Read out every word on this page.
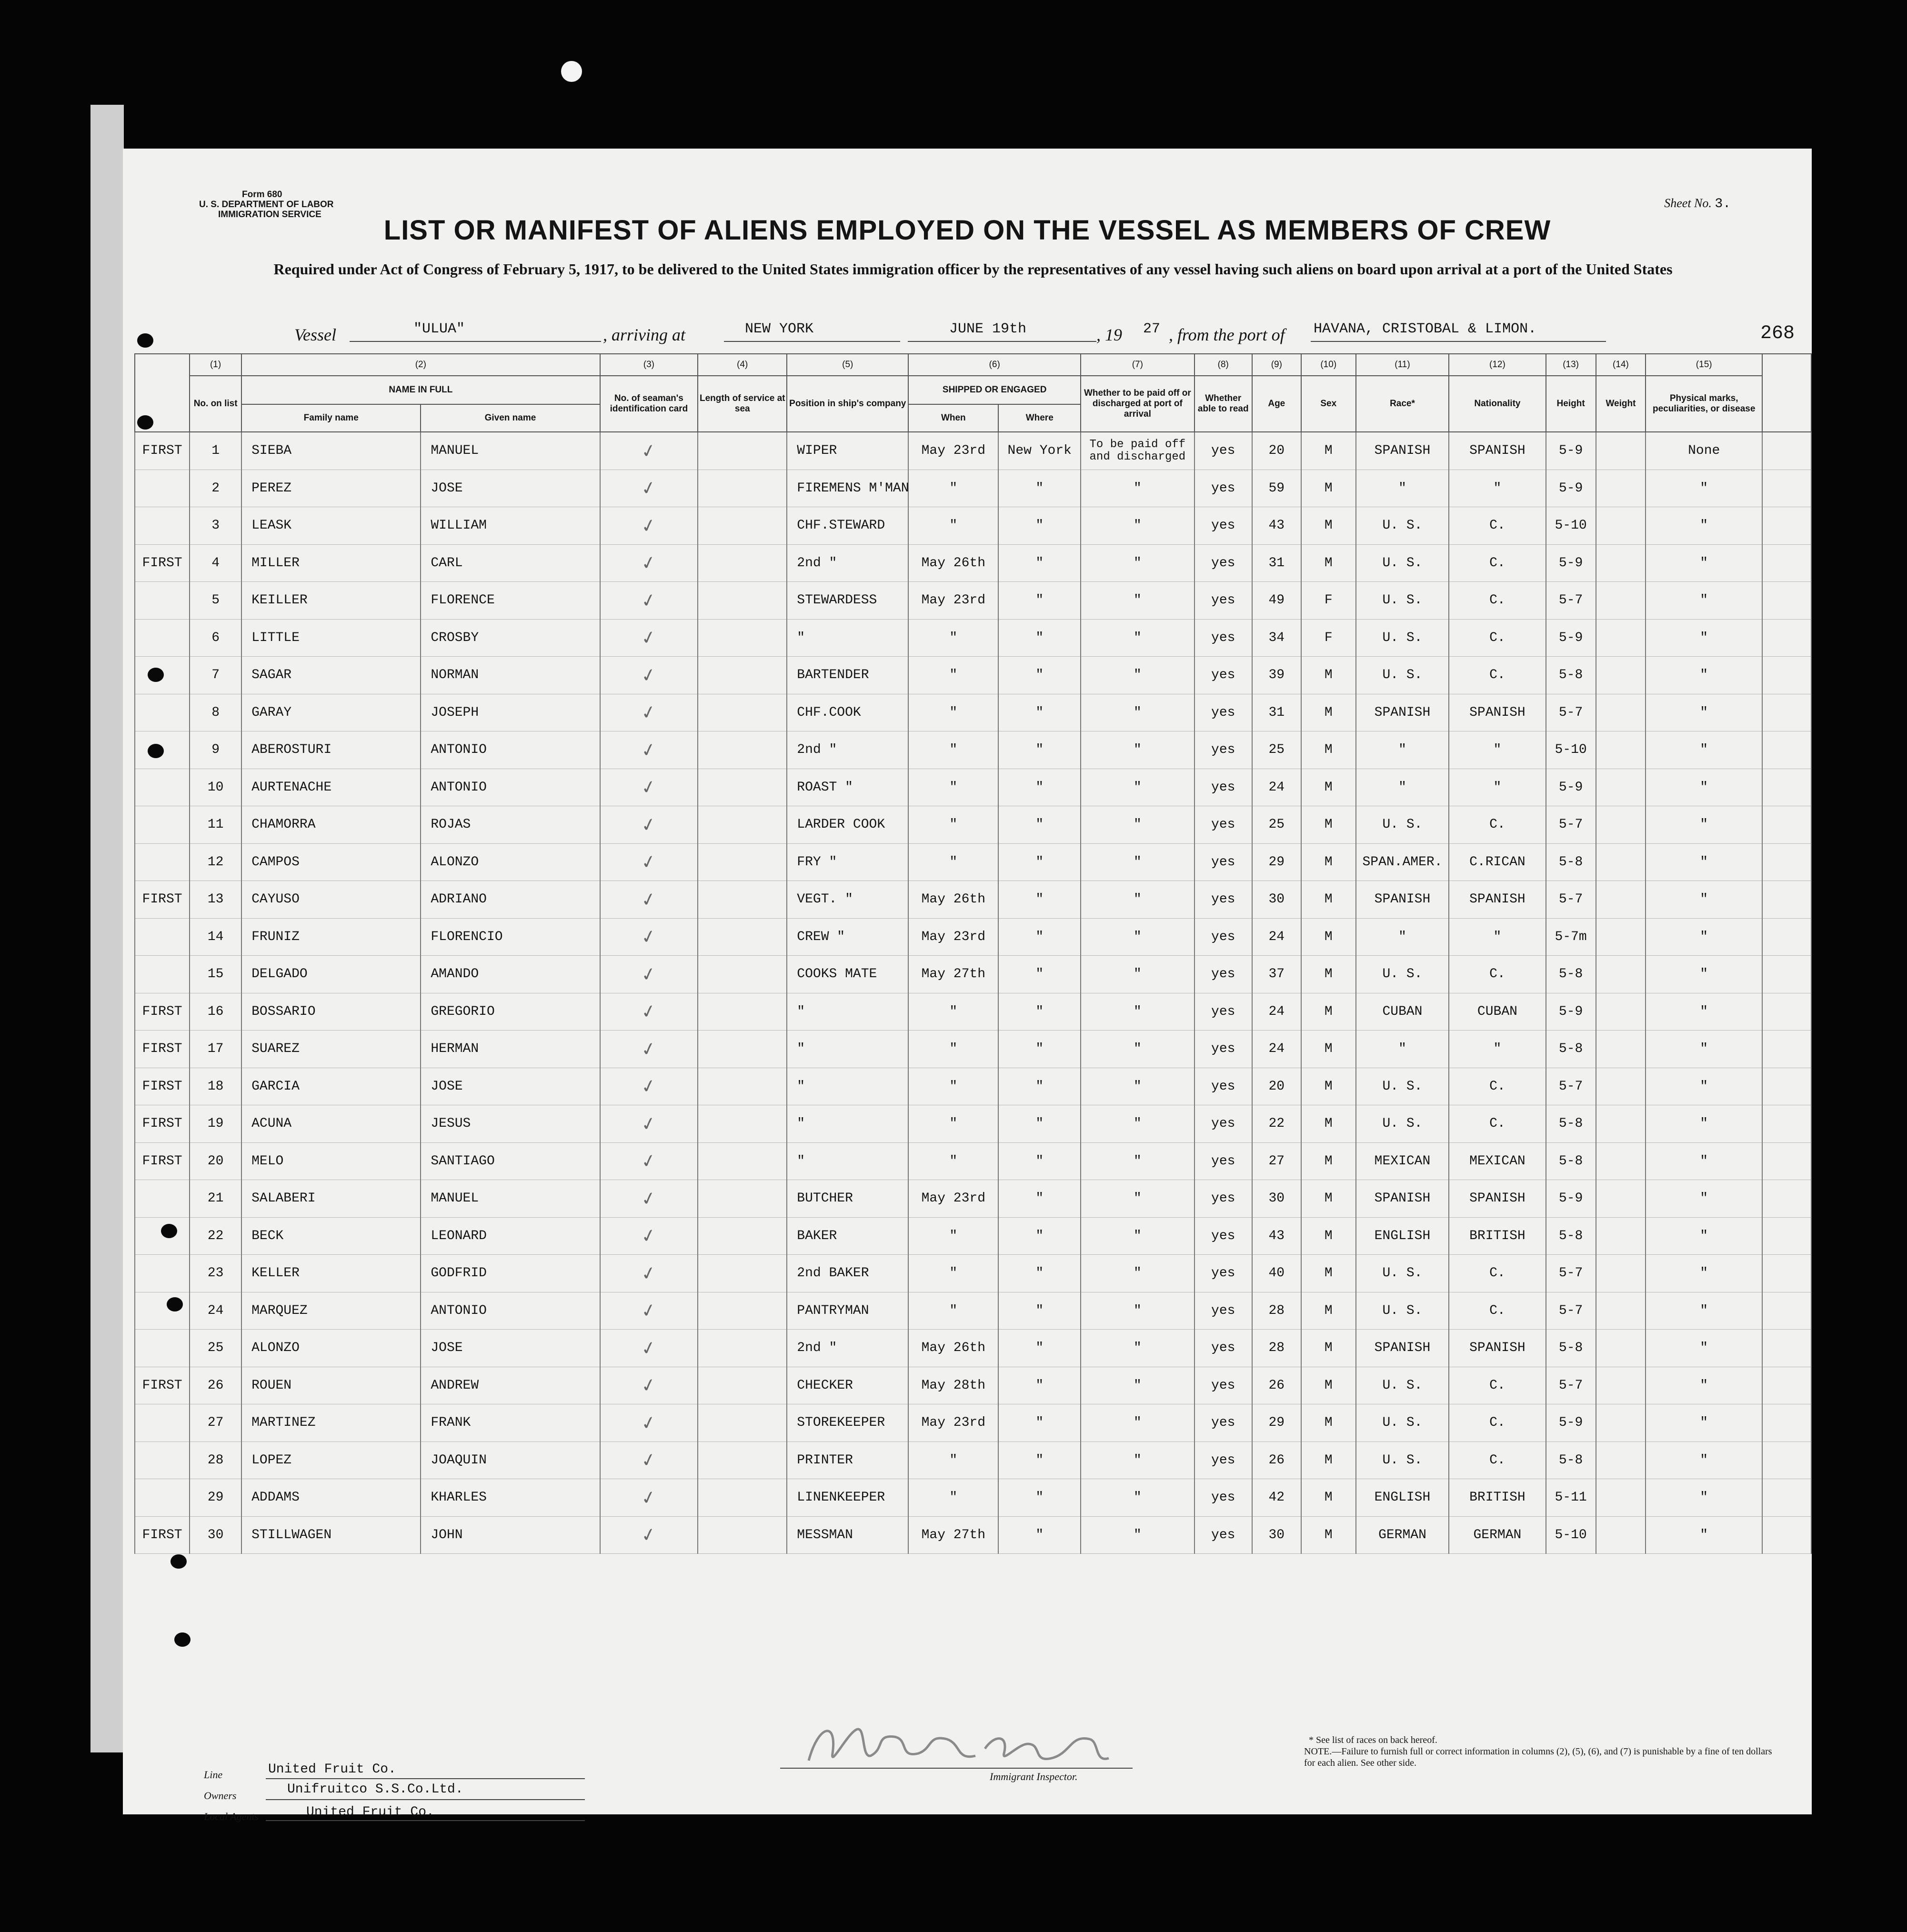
Form 680
U. S. DEPARTMENT OF LABOR
IMMIGRATION SERVICE
Sheet No. 3.
LIST OR MANIFEST OF ALIENS EMPLOYED ON THE VESSEL AS MEMBERS OF CREW
Required under Act of Congress of February 5, 1917, to be delivered to the United States immigration officer by the representatives of any vessel having such aliens on board upon arrival at a port of the United States
Vessel	"ULUA"	, arriving at	NEW YORK	JUNE 19th	, 19 27 , from the port of HAVANA, CRISTOBAL & LIMON.	268
	(1)	(2)		(3)	(4)	(5)	(6)		(7)	(8)	(9)	(10)	(11)	(12)	(13)	(14)	(15)	
	No. on list	NAME IN FULL		No. of seaman's identification card	Length of service at sea	Position in ship's company	SHIPPED OR ENGAGED		Whether to be paid off or discharged at port of arrival	Whether able to read	Age	Sex	Race*	Nationality	Height	Weight	Physical marks, peculiarities, or disease	
		Family name	Given name				When	Where										
FIRST	1	SIEBA	MANUEL	✓		WIPER	May 23rd	New York	To be paid off and discharged	yes	20	M	SPANISH	SPANISH	5-9		None	
	2	PEREZ	JOSE	✓		FIREMENS M'MAN	"	"	"	yes	59	M	"	"	5-9		"	
	3	LEASK	WILLIAM	✓		CHF.STEWARD	"	"	"	yes	43	M	U. S.	C.	5-10		"	
FIRST	4	MILLER	CARL	✓		2nd "	May 26th	"	"	yes	31	M	U. S.	C.	5-9		"	
	5	KEILLER	FLORENCE	✓		STEWARDESS	May 23rd	"	"	yes	49	F	U. S.	C.	5-7		"	
	6	LITTLE	CROSBY	✓		"	"	"	"	yes	34	F	U. S.	C.	5-9		"	
	7	SAGAR	NORMAN	✓		BARTENDER	"	"	"	yes	39	M	U. S.	C.	5-8		"	
	8	GARAY	JOSEPH	✓		CHF.COOK	"	"	"	yes	31	M	SPANISH	SPANISH	5-7		"	
	9	ABEROSTURI	ANTONIO	✓		2nd "	"	"	"	yes	25	M	"	"	5-10		"	
	10	AURTENACHE	ANTONIO	✓		ROAST "	"	"	"	yes	24	M	"	"	5-9		"	
	11	CHAMORRA	ROJAS	✓		LARDER COOK	"	"	"	yes	25	M	U. S.	C.	5-7		"	
	12	CAMPOS	ALONZO	✓		FRY "	"	"	"	yes	29	M	SPAN.AMER.	C.RICAN	5-8		"	
FIRST	13	CAYUSO	ADRIANO	✓		VEGT. "	May 26th	"	"	yes	30	M	SPANISH	SPANISH	5-7		"	
	14	FRUNIZ	FLORENCIO	✓		CREW "	May 23rd	"	"	yes	24	M	"	"	5-7m		"	
	15	DELGADO	AMANDO	✓		COOKS MATE	May 27th	"	"	yes	37	M	U. S.	C.	5-8		"	
FIRST	16	BOSSARIO	GREGORIO	✓		"	"	"	"	yes	24	M	CUBAN	CUBAN	5-9		"	
FIRST	17	SUAREZ	HERMAN	✓		"	"	"	"	yes	24	M	"	"	5-8		"	
FIRST	18	GARCIA	JOSE	✓		"	"	"	"	yes	20	M	U. S.	C.	5-7		"	
FIRST	19	ACUNA	JESUS	✓		"	"	"	"	yes	22	M	U. S.	C.	5-8		"	
FIRST	20	MELO	SANTIAGO	✓		"	"	"	"	yes	27	M	MEXICAN	MEXICAN	5-8		"	
	21	SALABERI	MANUEL	✓		BUTCHER	May 23rd	"	"	yes	30	M	SPANISH	SPANISH	5-9		"	
	22	BECK	LEONARD	✓		BAKER	"	"	"	yes	43	M	ENGLISH	BRITISH	5-8		"	
	23	KELLER	GODFRID	✓		2nd BAKER	"	"	"	yes	40	M	U. S.	C.	5-7		"	
	24	MARQUEZ	ANTONIO	✓		PANTRYMAN	"	"	"	yes	28	M	U. S.	C.	5-7		"	
	25	ALONZO	JOSE	✓		2nd "	May 26th	"	"	yes	28	M	SPANISH	SPANISH	5-8		"	
FIRST	26	ROUEN	ANDREW	✓		CHECKER	May 28th	"	"	yes	26	M	U. S.	C.	5-7		"	
	27	MARTINEZ	FRANK	✓		STOREKEEPER	May 23rd	"	"	yes	29	M	U. S.	C.	5-9		"	
	28	LOPEZ	JOAQUIN	✓		PRINTER	"	"	"	yes	26	M	U. S.	C.	5-8		"	
	29	ADDAMS	KHARLES	✓		LINENKEEPER	"	"	"	yes	42	M	ENGLISH	BRITISH	5-11		"	
FIRST	30	STILLWAGEN	JOHN	✓		MESSMAN	May 27th	"	"	yes	30	M	GERMAN	GERMAN	5-10		"	
Line	United Fruit Co.
Owners	Unifruitco S.S.Co.Ltd.
Local Agents	United Fruit Co.
Immigrant Inspector.
* See list of races on back hereof.
NOTE.—Failure to furnish full or correct information in columns (2), (5), (6), and (7) is punishable by a fine of ten dollars for each alien. See other side.
